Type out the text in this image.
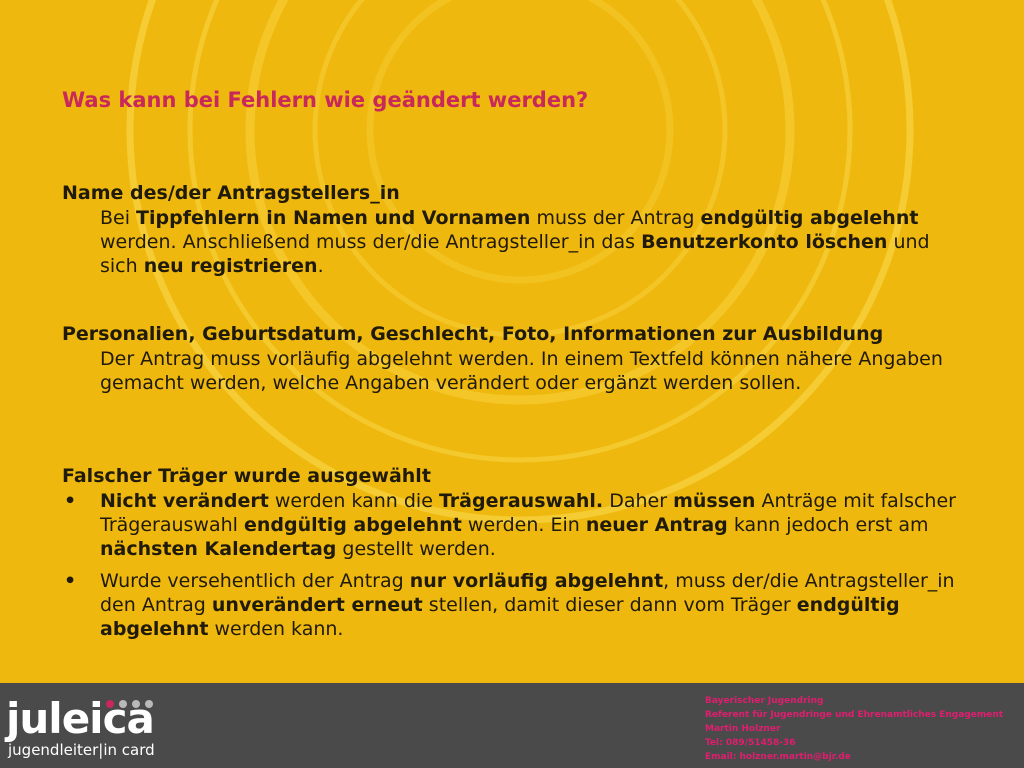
Was kann bei Fehlern wie geändert werden?
Name des/der Antragstellers_in
Bei Tippfehlern in Namen und Vornamen muss der Antrag endgültig abgelehnt werden. Anschließend muss der/die Antragsteller_in das Benutzerkonto löschen und sich neu registrieren.
Personalien, Geburtsdatum, Geschlecht, Foto, Informationen zur Ausbildung
Der Antrag muss vorläufig abgelehnt werden. In einem Textfeld können nähere Angaben gemacht werden, welche Angaben verändert oder ergänzt werden sollen.
Falscher Träger wurde ausgewählt
• Nicht verändert werden kann die Trägerauswahl. Daher müssen Anträge mit falscher Trägerauswahl endgültig abgelehnt werden. Ein neuer Antrag kann jedoch erst am nächsten Kalendertag gestellt werden.
• Wurde versehentlich der Antrag nur vorläufig abgelehnt, muss der/die Antragsteller_in den Antrag unverändert erneut stellen, damit dieser dann vom Träger endgültig abgelehnt werden kann.
juleica
jugendleiter|in card
Bayerischer Jugendring
Referent für Jugendringe und Ehrenamtliches Engagement
Martin Holzner
Tel: 089/51458-36
Email: holzner.martin@bjr.de
